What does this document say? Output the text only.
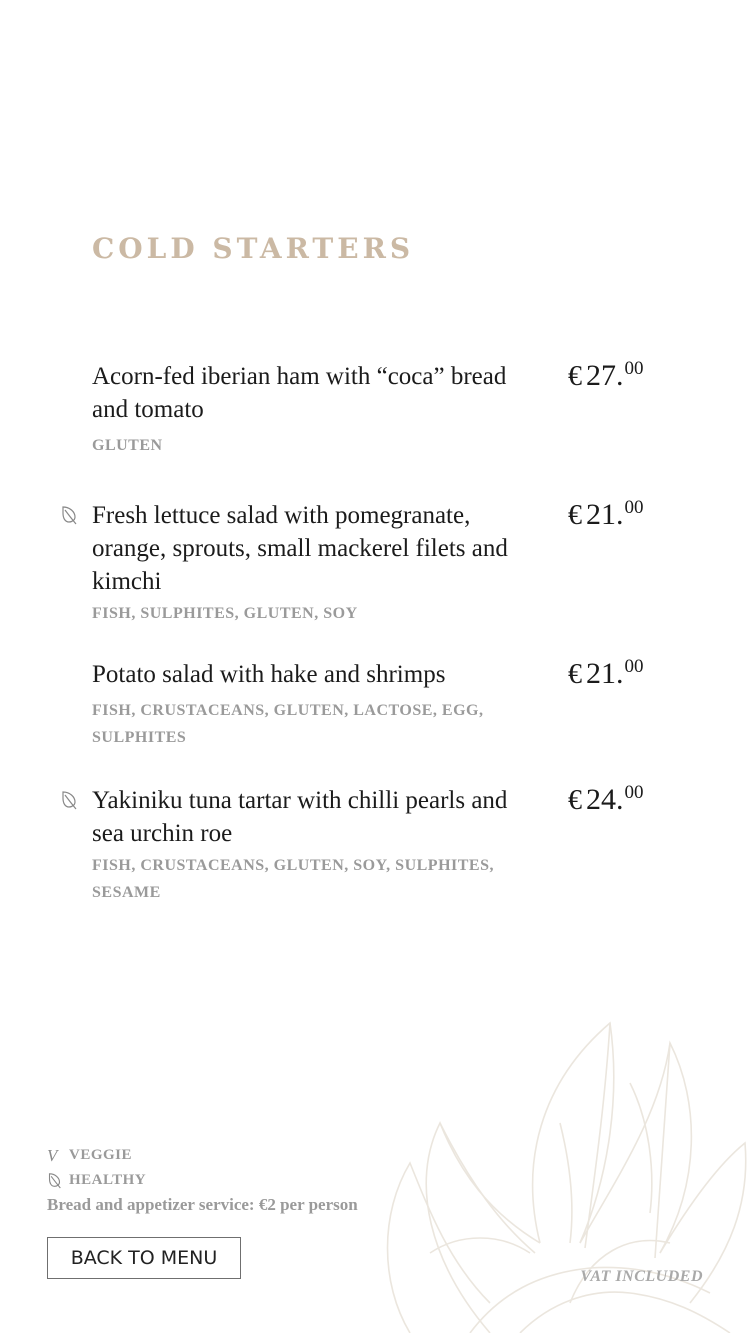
COLD STARTERS
Acorn-fed iberian ham with “coca” bread and tomato
GLUTEN
€ 27.00
Fresh lettuce salad with pomegranate, orange, sprouts, small mackerel filets and kimchi
FISH, SULPHITES, GLUTEN, SOY
€ 21.00
Potato salad with hake and shrimps
FISH, CRUSTACEANS, GLUTEN, LACTOSE, EGG, SULPHITES
€ 21.00
Yakiniku tuna tartar with chilli pearls and sea urchin roe
FISH, CRUSTACEANS, GLUTEN, SOY, SULPHITES, SESAME
€ 24.00
V VEGGIE
HEALTHY
Bread and appetizer service: €2 per person
BACK TO MENU
VAT INCLUDED
